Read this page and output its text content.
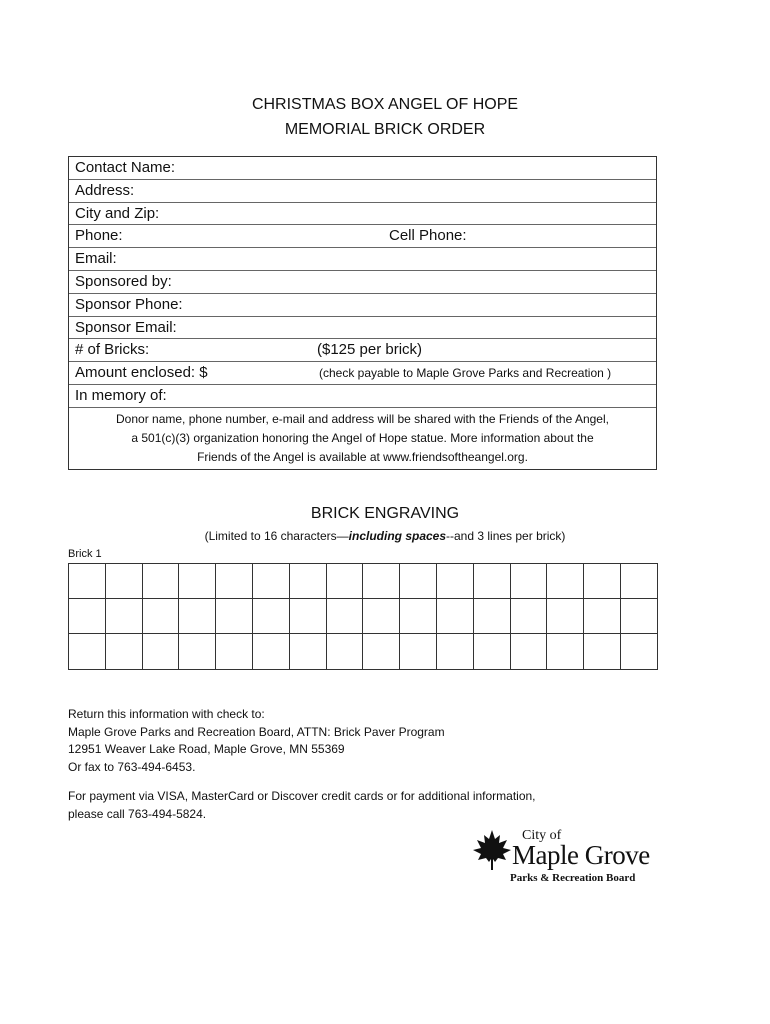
CHRISTMAS BOX ANGEL OF HOPE
MEMORIAL BRICK ORDER
Contact Name:
Address:
City and Zip:
Phone:	Cell Phone:
Email:
Sponsored by:
Sponsor Phone:
Sponsor Email:
# of Bricks:	($125 per brick)
Amount enclosed: $	(check payable to Maple Grove Parks and Recreation )
In memory of:
Donor name, phone number, e-mail and address will be shared with the Friends of the Angel,
a 501(c)(3) organization honoring the Angel of Hope statue. More information about the
Friends of the Angel is available at www.friendsoftheangel.org.
BRICK ENGRAVING
(Limited to 16 characters—including spaces--and 3 lines per brick)
Brick 1

Return this information with check to:
Maple Grove Parks and Recreation Board, ATTN: Brick Paver Program
12951 Weaver Lake Road, Maple Grove, MN 55369
Or fax to 763-494-6453.
For payment via VISA, MasterCard or Discover credit cards or for additional information,
please call 763-494-5824.
City of
Maple Grove
Parks & Recreation Board
